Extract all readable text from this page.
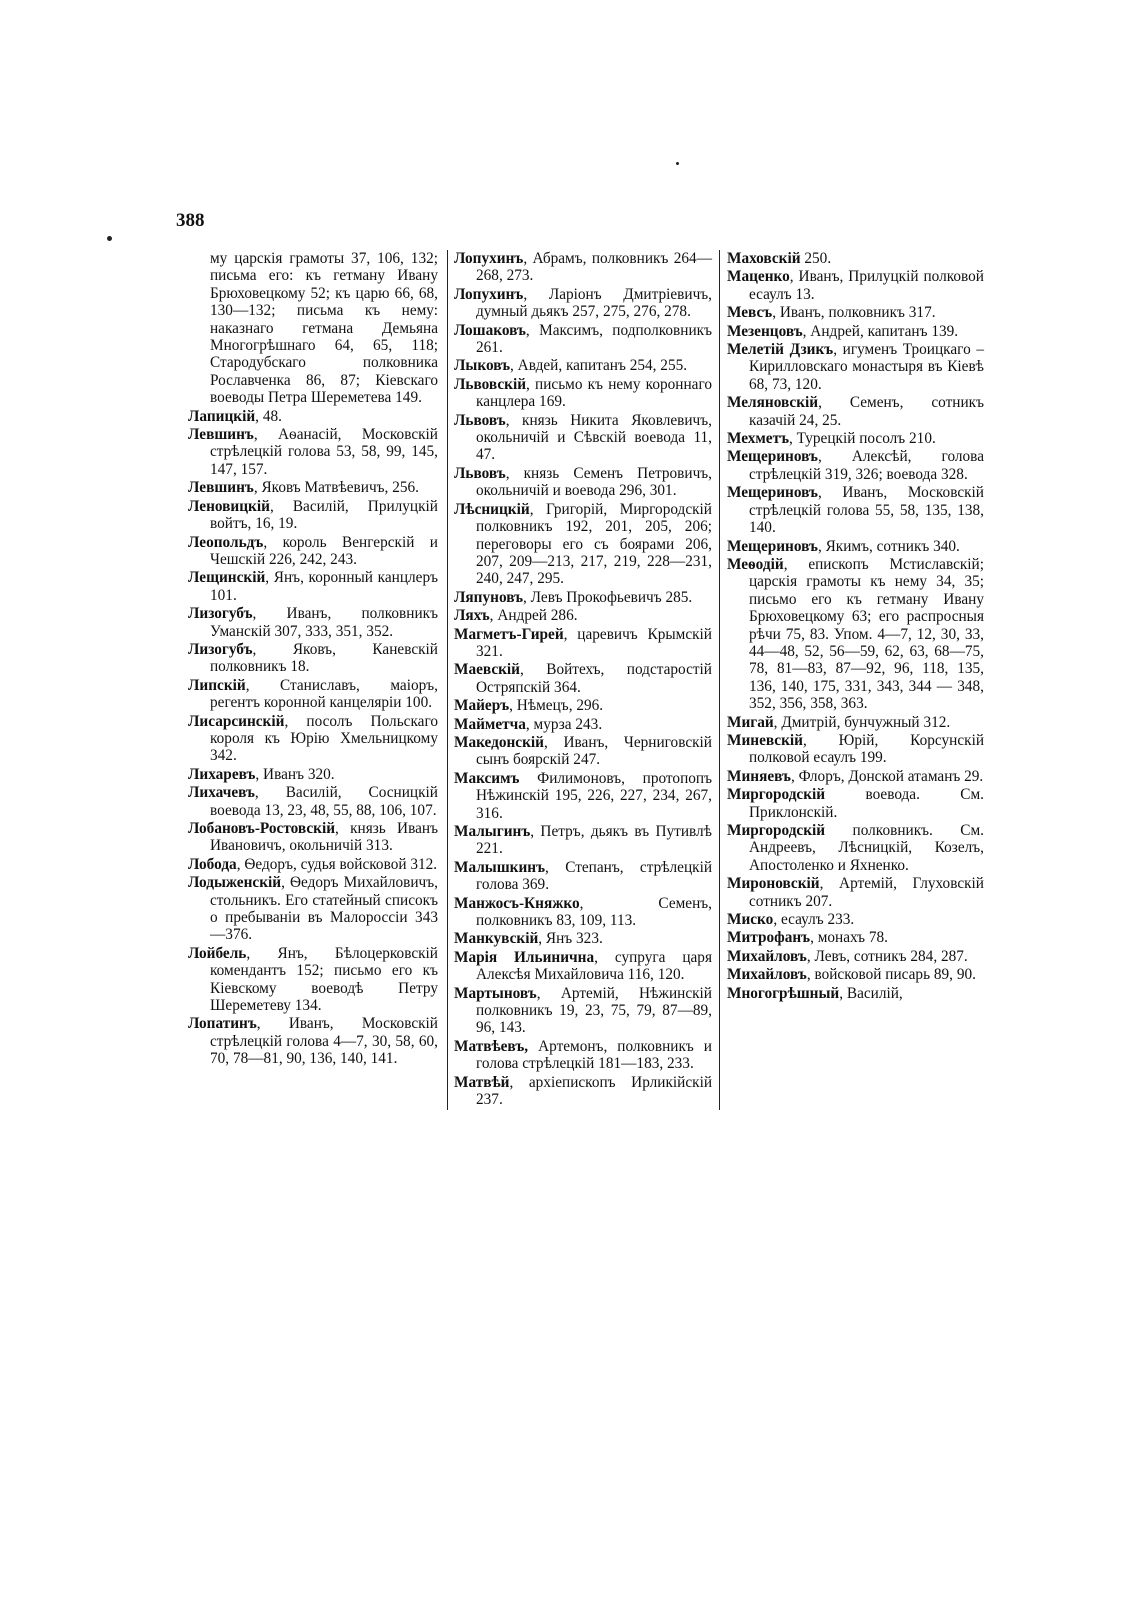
388

му царскія грамоты 37, 106, 132; письма его: къ гетману Ивану Брюховецкому 52; къ царю 66, 68, 130—132; письма къ нему: наказнаго гетмана Демьяна Многогрѣшнаго 64, 65, 118; Стародубскаго полковника Рославченка 86, 87; Кіевскаго воеводы Петра Шереметева 149.

Лапицкій, 48.

Левшинъ, Аѳанасій, Московскій стрѣлецкій голова 53, 58, 99, 145, 147, 157.

Левшинъ, Яковъ Матвѣевичъ, 256.

Леновицкій, Василій, Прилуцкій войтъ, 16, 19.

Леопольдъ, король Венгерскій и Чешскій 226, 242, 243.

Лещинскій, Янъ, коронный канцлеръ 101.

Лизогубъ, Иванъ, полковникъ Уманскій 307, 333, 351, 352.

Лизогубъ, Яковъ, Каневскій полковникъ 18.

Липскій, Станиславъ, маіоръ, регентъ коронной канцеляріи 100.

Лисарсинскій, посолъ Польскаго короля къ Юрію Хмельницкому 342.

Лихаревъ, Иванъ 320.

Лихачевъ, Василій, Сосницкій воевода 13, 23, 48, 55, 88, 106, 107.

Лобановъ-Ростовскій, князь Иванъ Ивановичъ, окольничій 313.

Лобода, Ѳедоръ, судья войсковой 312.

Лодыженскій, Ѳедоръ Михайловичъ, стольникъ. Его статейный списокъ о пребываніи въ Малороссіи 343—376.

Лойбель, Янъ, Бѣлоцерковскій комендантъ 152; письмо его къ Кіевскому воеводѣ Петру Шереметеву 134.

Лопатинъ, Иванъ, Московскій стрѣлецкій голова 4—7, 30, 58, 60, 70, 78—81, 90, 136, 140, 141.

Лопухинъ, Абрамъ, полковникъ 264—268, 273.

Лопухинъ, Ларіонъ Дмитріевичъ, думный дьякъ 257, 275, 276, 278.

Лошаковъ, Максимъ, подполковникъ 261.

Лыковъ, Авдей, капитанъ 254, 255.

Львовскій, письмо къ нему короннаго канцлера 169.

Львовъ, князь Никита Яковлевичъ, окольничій и Сѣвскій воевода 11, 47.

Львовъ, князь Семенъ Петровичъ, окольничій и воевода 296, 301.

Лѣсницкій, Григорій, Миргородскій полковникъ 192, 201, 205, 206; переговоры его съ боярами 206, 207, 209—213, 217, 219, 228—231, 240, 247, 295.

Ляпуновъ, Левъ Прокофьевичъ 285.

Ляхъ, Андрей 286.

Магметъ-Гирей, царевичъ Крымскій 321.

Маевскій, Войтехъ, подстаростій Остряпскій 364.

Майеръ, Нѣмецъ, 296.

Майметча, мурза 243.

Македонскій, Иванъ, Черниговскій сынъ боярскій 247.

Максимъ Филимоновъ, протопопъ Нѣжинскій 195, 226, 227, 234, 267, 316.

Малыгинъ, Петръ, дьякъ въ Путивлѣ 221.

Малышкинъ, Степанъ, стрѣлецкій голова 369.

Манжосъ-Княжко, Семенъ, полковникъ 83, 109, 113.

Манкувскій, Янъ 323.

Марія Ильинична, супруга царя Алексѣя Михайловича 116, 120.

Мартыновъ, Артемій, Нѣжинскій полковникъ 19, 23, 75, 79, 87—89, 96, 143.

Матвѣевъ, Артемонъ, полковникъ и голова стрѣлецкій 181—183, 233.

Матвѣй, архіепископъ Ирликійскій 237.

Маховскій 250.

Маценко, Иванъ, Прилуцкій полковой есаулъ 13.

Мевсъ, Иванъ, полковникъ 317.

Мезенцовъ, Андрей, капитанъ 139.

Мелетій Дзикъ, игуменъ Троицкаго – Кирилловскаго монастыря въ Кіевѣ 68, 73, 120.

Меляновскій, Семенъ, сотникъ казачій 24, 25.

Мехметъ, Турецкій посолъ 210.

Мещериновъ, Алексѣй, голова стрѣлецкій 319, 326; воевода 328.

Мещериновъ, Иванъ, Московскій стрѣлецкій голова 55, 58, 135, 138, 140.

Мещериновъ, Якимъ, сотникъ 340.

Меѳодій, епископъ Мстиславскій; царскія грамоты къ нему 34, 35; письмо его къ гетману Ивану Брюховецкому 63; его распросныя рѣчи 75, 83. Упом. 4—7, 12, 30, 33, 44—48, 52, 56—59, 62, 63, 68—75, 78, 81—83, 87—92, 96, 118, 135, 136, 140, 175, 331, 343, 344 — 348, 352, 356, 358, 363.

Мигай, Дмитрій, бунчужный 312.

Миневскій, Юрій, Корсунскій полковой есаулъ 199.

Миняевъ, Флоръ, Донской атаманъ 29.

Миргородскій воевода. См. Приклонскій.

Миргородскій полковникъ. См. Андреевъ, Лѣсницкій, Козелъ, Апостоленко и Яхненко.

Мироновскій, Артемій, Глуховскій сотникъ 207.

Миско, есаулъ 233.

Митрофанъ, монахъ 78.

Михайловъ, Левъ, сотникъ 284, 287.

Михайловъ, войсковой писарь 89, 90.

Многогрѣшный, Василій,
